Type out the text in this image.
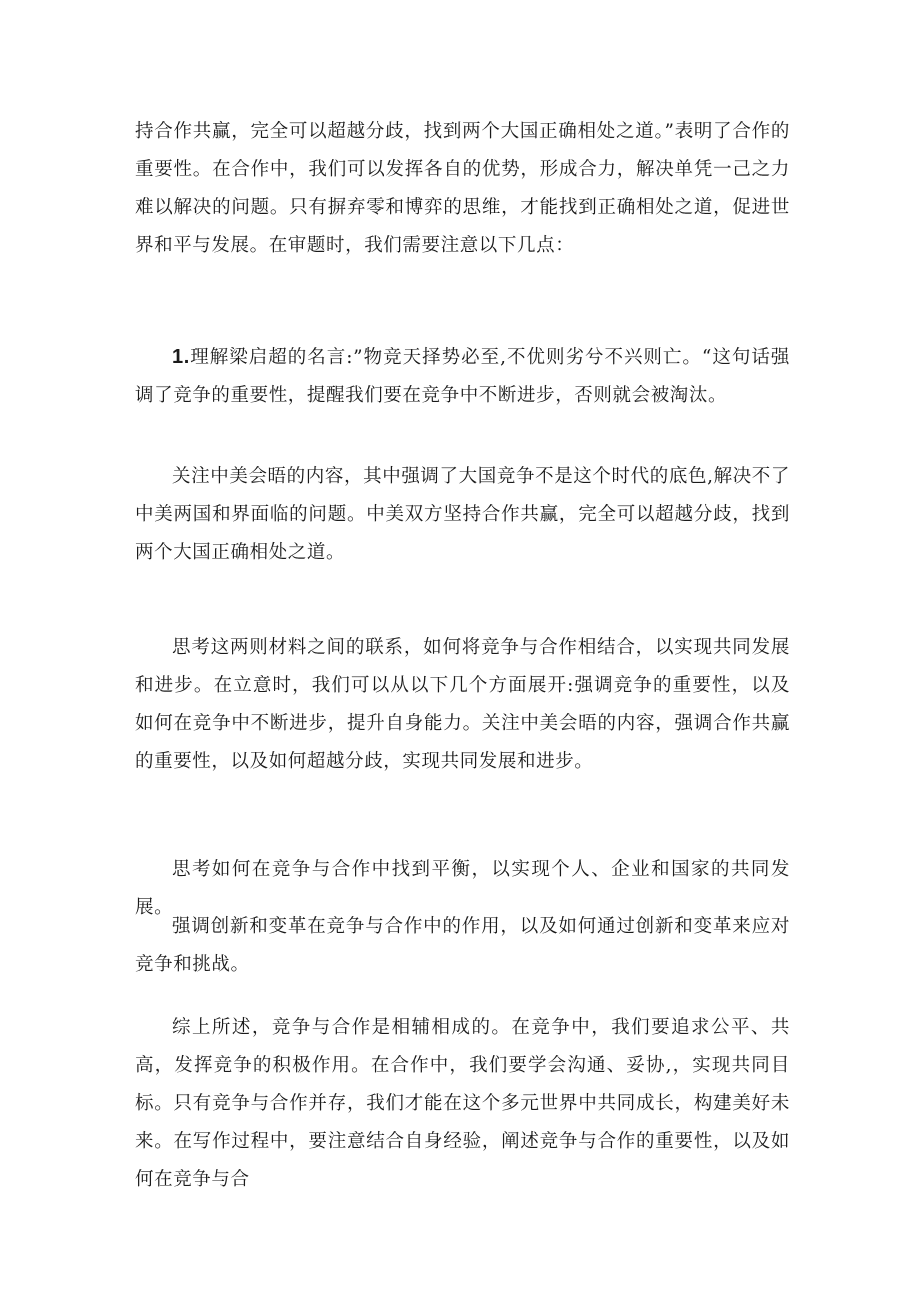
持合作共赢，完全可以超越分歧，找到两个大国正确相处之道。”表明了合作的重要性。在合作中，我们可以发挥各自的优势，形成合力，解决单凭一己之力难以解决的问题。只有摒弃零和博弈的思维，才能找到正确相处之道，促进世界和平与发展。在审题时，我们需要注意以下几点：

1.理解梁启超的名言:”物竞天择势必至,不优则劣兮不兴则亡。“这句话强调了竞争的重要性，提醒我们要在竞争中不断进步，否则就会被淘汰。

关注中美会晤的内容，其中强调了大国竞争不是这个时代的底色,解决不了中美两国和界面临的问题。中美双方坚持合作共赢，完全可以超越分歧，找到两个大国正确相处之道。

思考这两则材料之间的联系，如何将竞争与合作相结合，以实现共同发展和进步。在立意时，我们可以从以下几个方面展开:强调竞争的重要性，以及如何在竞争中不断进步，提升自身能力。关注中美会晤的内容，强调合作共赢的重要性，以及如何超越分歧，实现共同发展和进步。

思考如何在竞争与合作中找到平衡，以实现个人、企业和国家的共同发展。

强调创新和变革在竞争与合作中的作用，以及如何通过创新和变革来应对竞争和挑战。

综上所述，竞争与合作是相辅相成的。在竞争中，我们要追求公平、共高，发挥竞争的积极作用。在合作中，我们要学会沟通、妥协,，实现共同目标。只有竞争与合作并存，我们才能在这个多元世界中共同成长，构建美好未来。在写作过程中，要注意结合自身经验，阐述竞争与合作的重要性，以及如何在竞争与合
